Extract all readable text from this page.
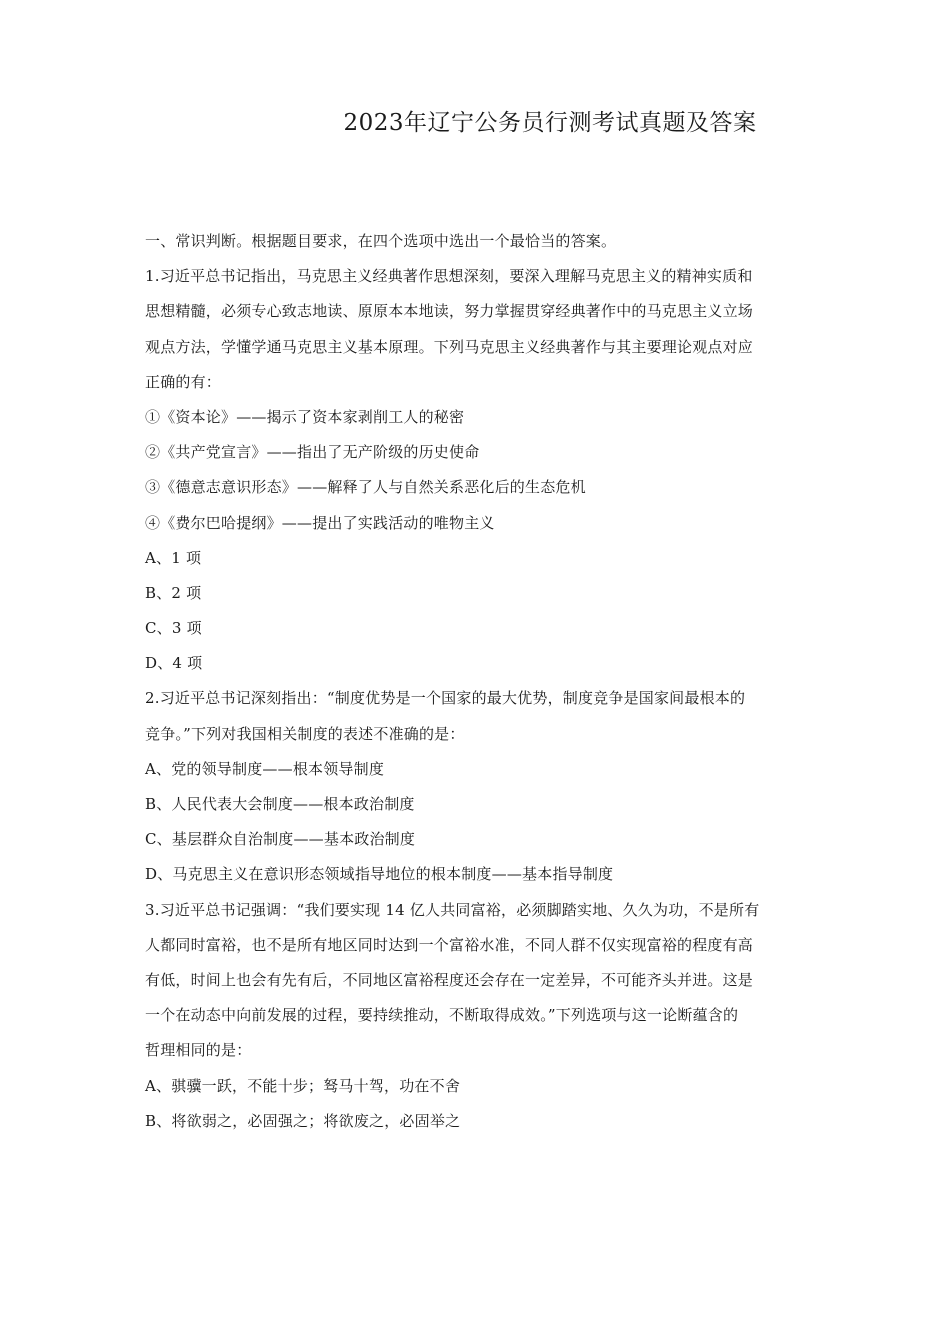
2023年辽宁公务员行测考试真题及答案
一、常识判断。根据题目要求，在四个选项中选出一个最恰当的答案。
1.习近平总书记指出，马克思主义经典著作思想深刻，要深入理解马克思主义的精神实质和
思想精髓，必须专心致志地读、原原本本地读，努力掌握贯穿经典著作中的马克思主义立场
观点方法，学懂学通马克思主义基本原理。下列马克思主义经典著作与其主要理论观点对应
正确的有：
①《资本论》——揭示了资本家剥削工人的秘密
②《共产党宣言》——指出了无产阶级的历史使命
③《德意志意识形态》——解释了人与自然关系恶化后的生态危机
④《费尔巴哈提纲》——提出了实践活动的唯物主义
A、1 项
B、2 项
C、3 项
D、4 项
2.习近平总书记深刻指出：“制度优势是一个国家的最大优势，制度竞争是国家间最根本的
竞争。”下列对我国相关制度的表述不准确的是：
A、党的领导制度——根本领导制度
B、人民代表大会制度——根本政治制度
C、基层群众自治制度——基本政治制度
D、马克思主义在意识形态领域指导地位的根本制度——基本指导制度
3.习近平总书记强调：“我们要实现 14 亿人共同富裕，必须脚踏实地、久久为功，不是所有
人都同时富裕，也不是所有地区同时达到一个富裕水准，不同人群不仅实现富裕的程度有高
有低，时间上也会有先有后，不同地区富裕程度还会存在一定差异，不可能齐头并进。这是
一个在动态中向前发展的过程，要持续推动，不断取得成效。”下列选项与这一论断蕴含的
哲理相同的是：
A、骐骥一跃，不能十步；驽马十驾，功在不舍
B、将欲弱之，必固强之；将欲废之，必固举之
